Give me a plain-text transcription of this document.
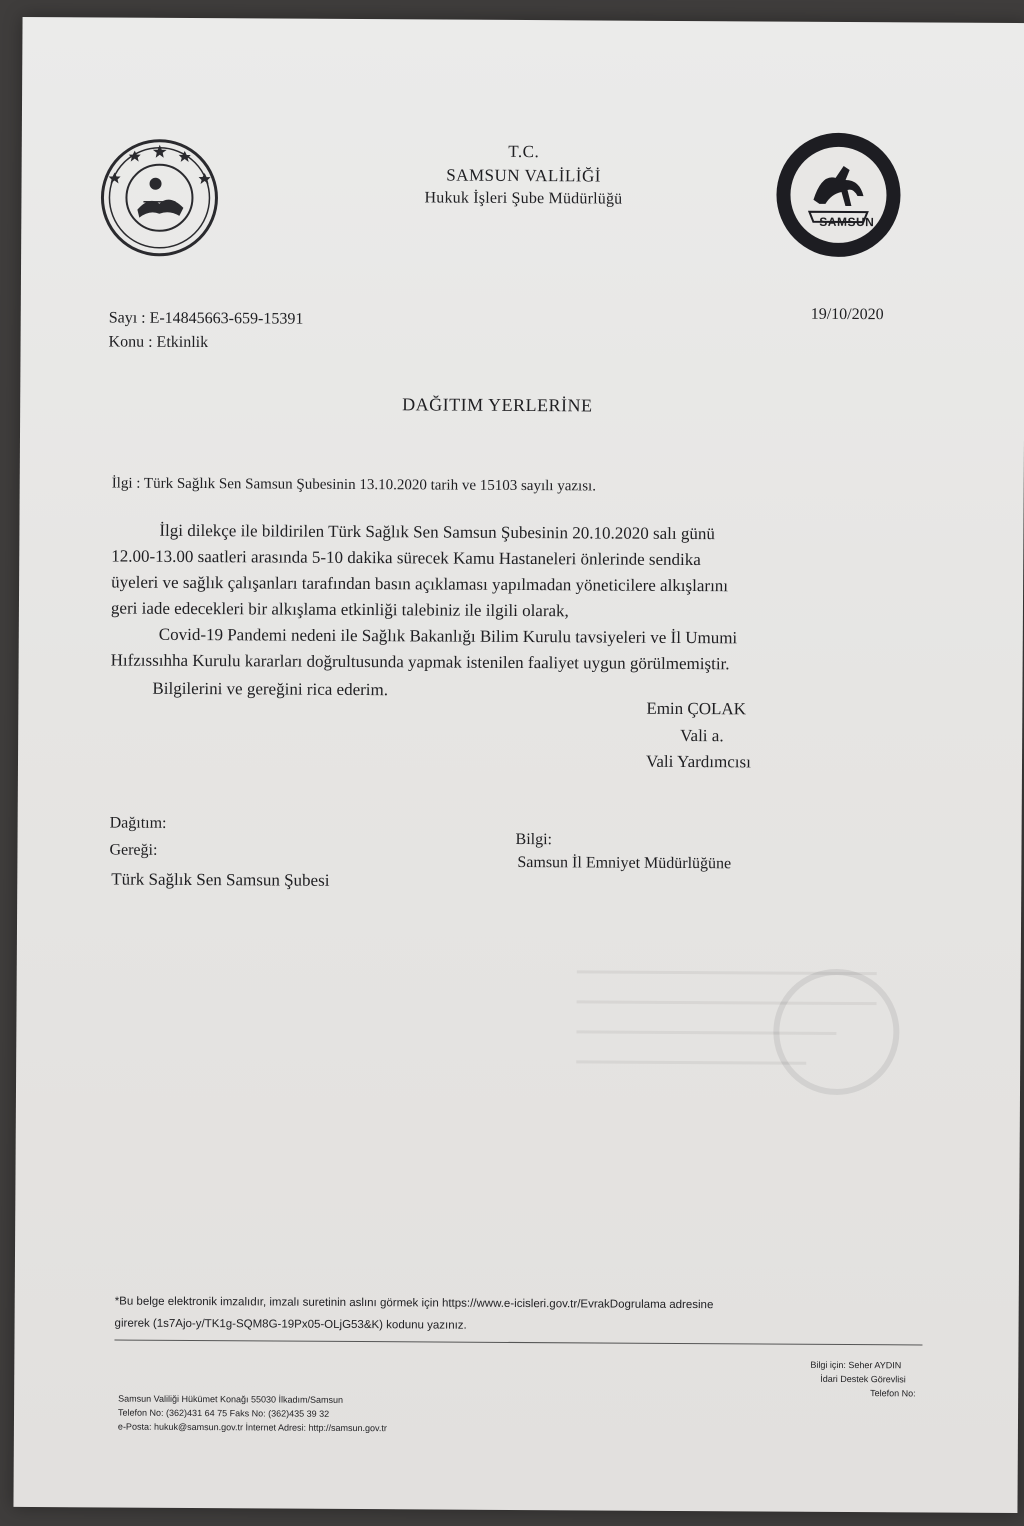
SAMSUN
T.C.
SAMSUN VALİLİĞİ
Hukuk İşleri Şube Müdürlüğü
Sayı : E-14845663-659-15391
Konu : Etkinlik
19/10/2020
DAĞITIM YERLERİNE
İlgi : Türk Sağlık Sen Samsun Şubesinin 13.10.2020 tarih ve 15103 sayılı yazısı.
İlgi dilekçe ile bildirilen Türk Sağlık Sen Samsun Şubesinin 20.10.2020 salı günü
12.00-13.00 saatleri arasında 5-10 dakika sürecek Kamu Hastaneleri önlerinde sendika
üyeleri ve sağlık çalışanları tarafından basın açıklaması yapılmadan yöneticilere alkışlarını
geri iade edecekleri bir alkışlama etkinliği talebiniz ile ilgili olarak,
Covid-19 Pandemi nedeni ile Sağlık Bakanlığı Bilim Kurulu tavsiyeleri ve İl Umumi
Hıfzıssıhha Kurulu kararları doğrultusunda yapmak istenilen faaliyet uygun görülmemiştir.
Bilgilerini ve gereğini rica ederim.
Emin ÇOLAK
Vali a.
Vali Yardımcısı
Dağıtım:
Gereği:
Türk Sağlık Sen Samsun Şubesi
Bilgi:
Samsun İl Emniyet Müdürlüğüne
*Bu belge elektronik imzalıdır, imzalı suretinin aslını görmek için https://www.e-icisleri.gov.tr/EvrakDogrulama adresine
girerek (1s7Ajo-y/TK1g-SQM8G-19Px05-OLjG53&K) kodunu yazınız.
Samsun Valiliği Hükümet Konağı 55030 İlkadım/Samsun
Telefon No: (362)431 64 75 Faks No: (362)435 39 32
e-Posta: hukuk@samsun.gov.tr İnternet Adresi: http://samsun.gov.tr
Bilgi için: Seher AYDIN
İdari Destek Görevlisi
Telefon No:
